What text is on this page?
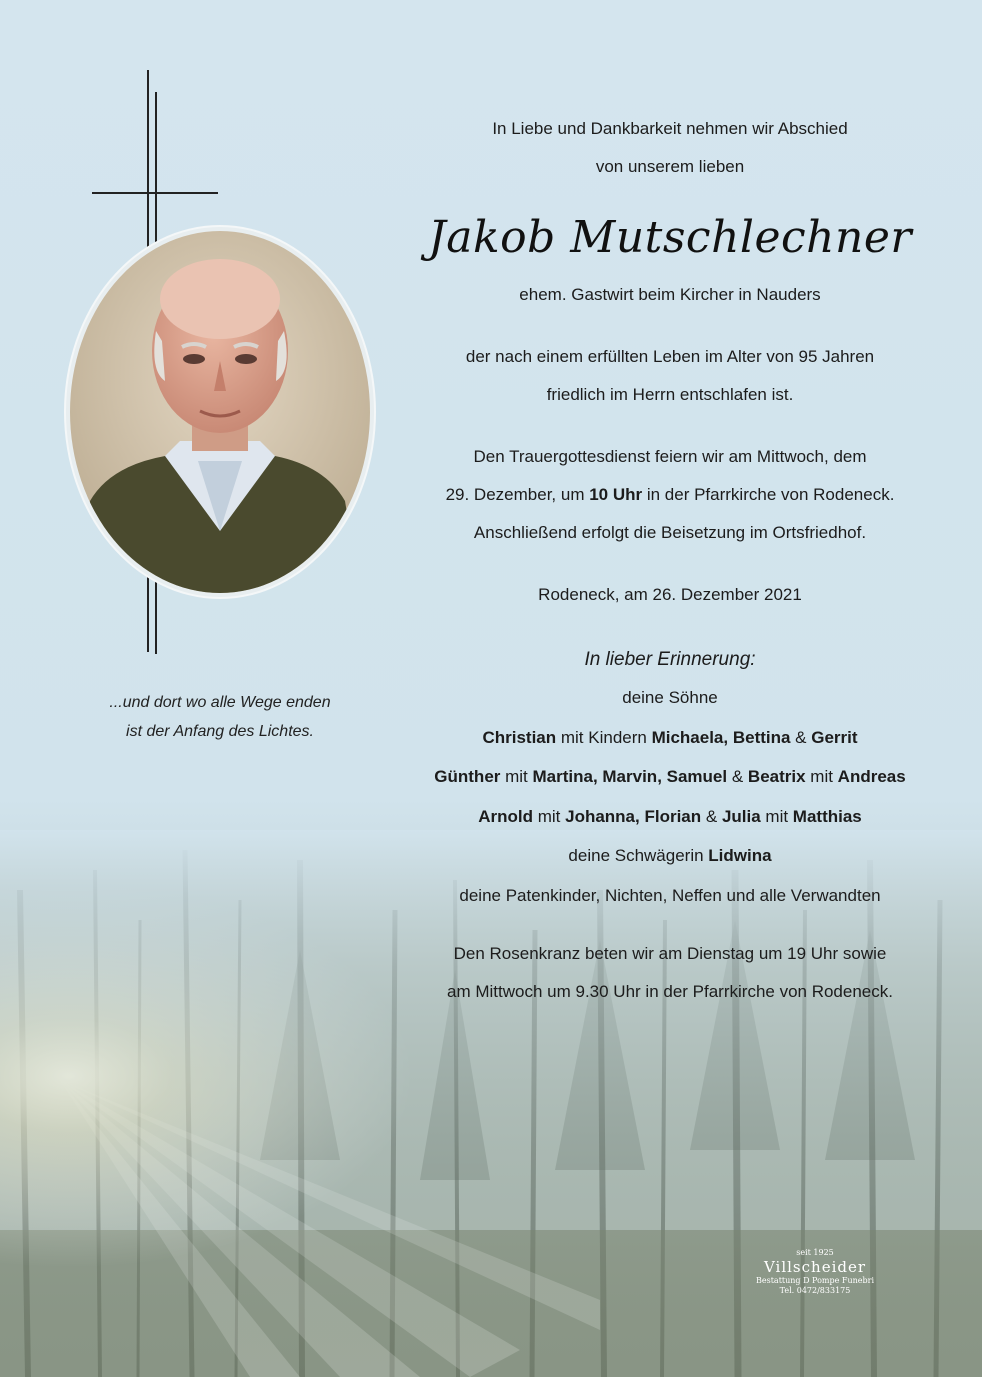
...und dort wo alle Wege enden
ist der Anfang des Lichtes.
In Liebe und Dankbarkeit nehmen wir Abschied
von unserem lieben
Jakob Mutschlechner
ehem. Gastwirt beim Kircher in Nauders
der nach einem erfüllten Leben im Alter von 95 Jahren
friedlich im Herrn entschlafen ist.
Den Trauergottesdienst feiern wir am Mittwoch, dem
29. Dezember, um 10 Uhr in der Pfarrkirche von Rodeneck.
Anschließend erfolgt die Beisetzung im Ortsfriedhof.
Rodeneck, am 26. Dezember 2021
In lieber Erinnerung:
deine Söhne
Christian mit Kindern Michaela, Bettina & Gerrit
Günther mit Martina, Marvin, Samuel & Beatrix mit Andreas
Arnold mit Johanna, Florian & Julia mit Matthias
deine Schwägerin Lidwina
deine Patenkinder, Nichten, Neffen und alle Verwandten
Den Rosenkranz beten wir am Dienstag um 19 Uhr sowie
am Mittwoch um 9.30 Uhr in der Pfarrkirche von Rodeneck.
seit 1925
Villscheider
Bestattung D Pompe Funebri
Tel. 0472/833175
